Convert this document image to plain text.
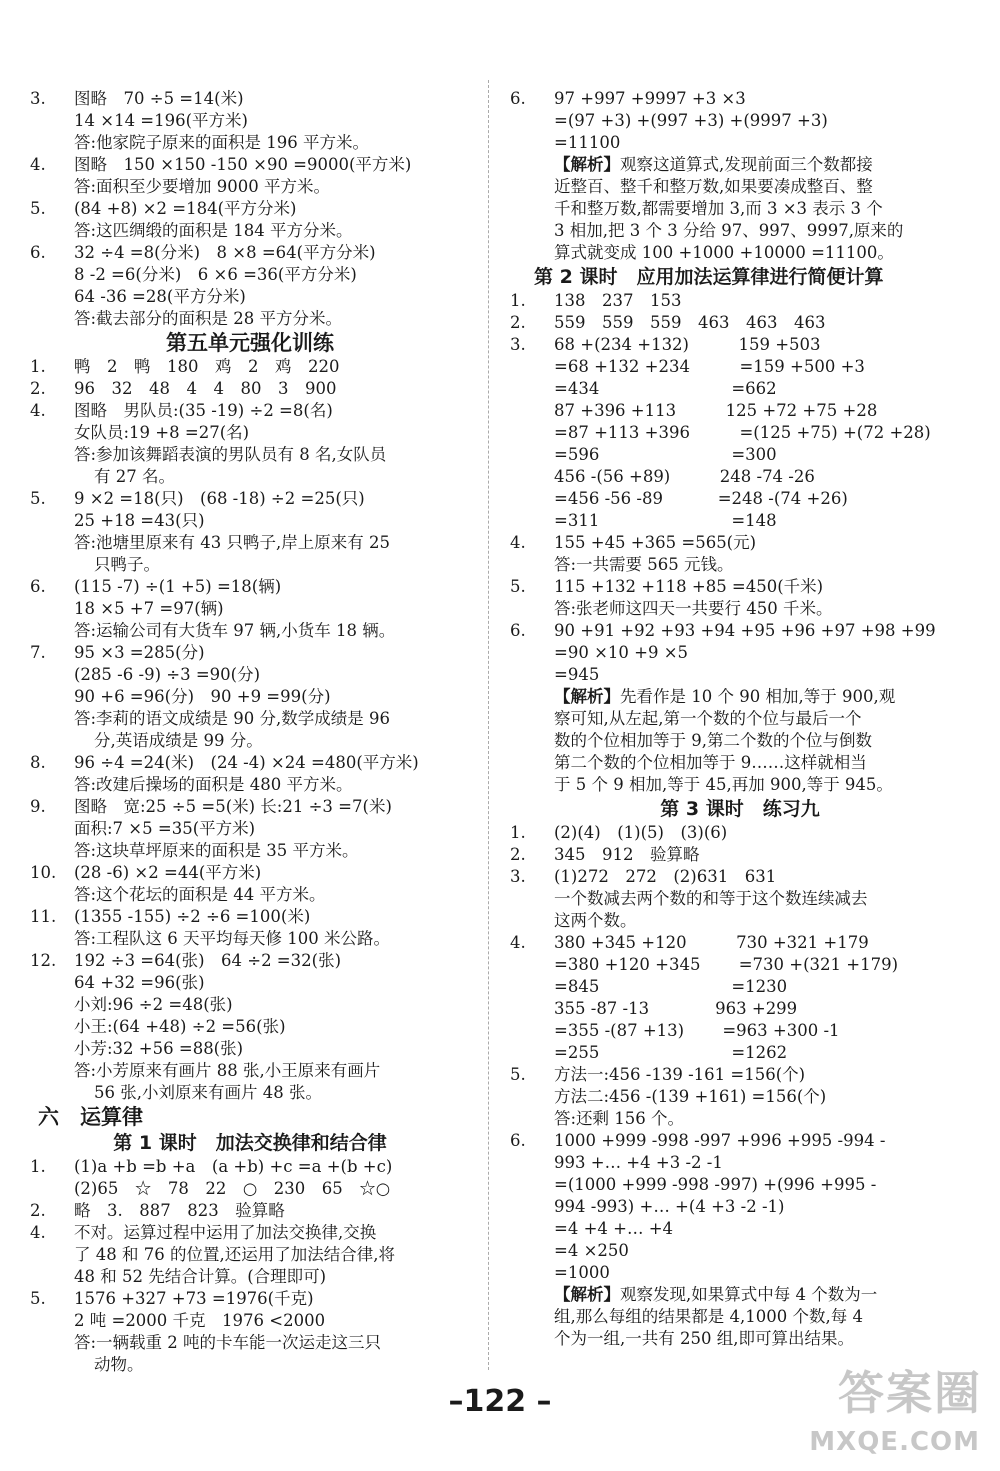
3. 图略　70 ÷5 =14(米)
14 ×14 =196(平方米)
答:他家院子原来的面积是 196 平方米。
4. 图略　150 ×150 -150 ×90 =9000(平方米)
答:面积至少要增加 9000 平方米。
5. (84 +8) ×2 =184(平方分米)
答:这匹绸缎的面积是 184 平方分米。
6. 32 ÷4 =8(分米)　8 ×8 =64(平方分米)
8 -2 =6(分米)　6 ×6 =36(平方分米)
64 -36 =28(平方分米)
答:截去部分的面积是 28 平方分米。
第五单元强化训练
1. 鸭　2　鸭　180　鸡　2　鸡　220
2. 96　32　48　4　4　80　3　900
4. 图略　男队员:(35 -19) ÷2 =8(名)
女队员:19 +8 =27(名)
答:参加该舞蹈表演的男队员有 8 名,女队员
有 27 名。
5. 9 ×2 =18(只)　(68 -18) ÷2 =25(只)
25 +18 =43(只)
答:池塘里原来有 43 只鸭子,岸上原来有 25
只鸭子。
6. (115 -7) ÷(1 +5) =18(辆)
18 ×5 +7 =97(辆)
答:运输公司有大货车 97 辆,小货车 18 辆。
7. 95 ×3 =285(分)
(285 -6 -9) ÷3 =90(分)
90 +6 =96(分)　90 +9 =99(分)
答:李莉的语文成绩是 90 分,数学成绩是 96
分,英语成绩是 99 分。
8. 96 ÷4 =24(米)　(24 -4) ×24 =480(平方米)
答:改建后操场的面积是 480 平方米。
9. 图略　宽:25 ÷5 =5(米) 长:21 ÷3 =7(米)
面积:7 ×5 =35(平方米)
答:这块草坪原来的面积是 35 平方米。
10. (28 -6) ×2 =44(平方米)
答:这个花坛的面积是 44 平方米。
11. (1355 -155) ÷2 ÷6 =100(米)
答:工程队这 6 天平均每天修 100 米公路。
12. 192 ÷3 =64(张)　64 ÷2 =32(张)
64 +32 =96(张)
小刘:96 ÷2 =48(张)
小王:(64 +48) ÷2 =56(张)
小芳:32 +56 =88(张)
答:小芳原来有画片 88 张,小王原来有画片
56 张,小刘原来有画片 48 张。
六　运算律
第 1 课时　加法交换律和结合律
1. (1)a +b =b +a　(a +b) +c =a +(b +c)
(2)65　☆　78　22　○　230　65　☆○
2. 略　3.　887　823　验算略
4. 不对。运算过程中运用了加法交换律,交换
了 48 和 76 的位置,还运用了加法结合律,将
48 和 52 先结合计算。(合理即可)
5. 1576 +327 +73 =1976(千克)
2 吨 =2000 千克　1976 <2000
答:一辆载重 2 吨的卡车能一次运走这三只
动物。
6. 97 +997 +9997 +3 ×3
=(97 +3) +(997 +3) +(9997 +3)
=11100
【解析】观察这道算式,发现前面三个数都接
近整百、整千和整万数,如果要凑成整百、整
千和整万数,都需要增加 3,而 3 ×3 表示 3 个
3 相加,把 3 个 3 分给 97、997、9997,原来的
算式就变成 100 +1000 +10000 =11100。
第 2 课时　应用加法运算律进行简便计算
1. 138　237　153
2. 559　559　559　463　463　463
3. 68 +(234 +132)　　　159 +503
=68 +132 +234　　　=159 +500 +3
=434　　　　　　　　=662
87 +396 +113　　　125 +72 +75 +28
=87 +113 +396　　　=(125 +75) +(72 +28)
=596　　　　　　　　=300
456 -(56 +89)　　　248 -74 -26
=456 -56 -89　　　 =248 -(74 +26)
=311　　　　　　　　=148
4. 155 +45 +365 =565(元)
答:一共需要 565 元钱。
5. 115 +132 +118 +85 =450(千米)
答:张老师这四天一共要行 450 千米。
6. 90 +91 +92 +93 +94 +95 +96 +97 +98 +99
=90 ×10 +9 ×5
=945
【解析】先看作是 10 个 90 相加,等于 900,观
察可知,从左起,第一个数的个位与最后一个
数的个位相加等于 9,第二个数的个位与倒数
第二个数的个位相加等于 9……这样就相当
于 5 个 9 相加,等于 45,再加 900,等于 945。
第 3 课时　练习九
1. (2)(4)　(1)(5)　(3)(6)
2. 345　912　验算略
3. (1)272　272　(2)631　631
一个数减去两个数的和等于这个数连续减去
这两个数。
4. 380 +345 +120　　　730 +321 +179
=380 +120 +345　　 =730 +(321 +179)
=845　　　　　　　　=1230
355 -87 -13　　　　963 +299
=355 -(87 +13)　　 =963 +300 -1
=255　　　　　　　　=1262
5. 方法一:456 -139 -161 =156(个)
方法二:456 -(139 +161) =156(个)
答:还剩 156 个。
6. 1000 +999 -998 -997 +996 +995 -994 -
993 +… +4 +3 -2 -1
=(1000 +999 -998 -997) +(996 +995 -
994 -993) +… +(4 +3 -2 -1)
=4 +4 +… +4
=4 ×250
=1000
【解析】观察发现,如果算式中每 4 个数为一
组,那么每组的结果都是 4,1000 个数,每 4
个为一组,一共有 250 组,即可算出结果。
–122 –	答案圈
MXQE.COM
